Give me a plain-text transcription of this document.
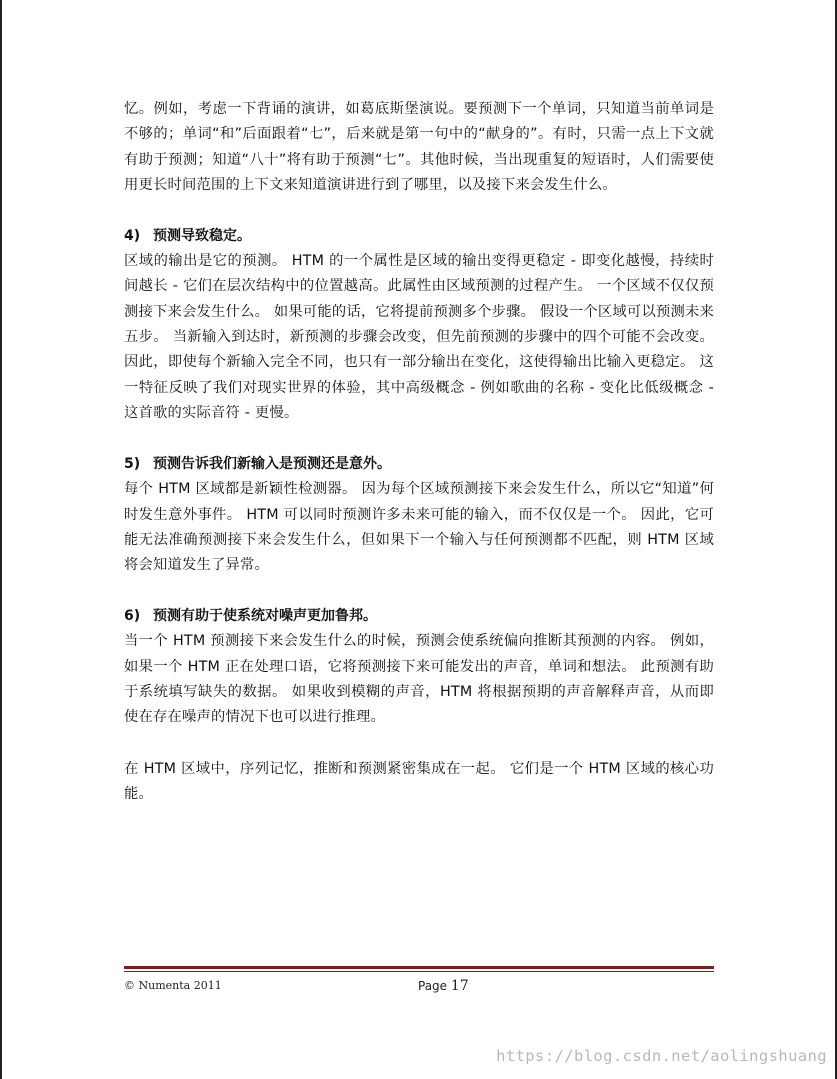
忆。例如，考虑一下背诵的演讲，如葛底斯堡演说。要预测下一个单词，只知道当前单词是不够的；单词“和”后面跟着“七”，后来就是第一句中的“献身的”。有时，只需一点上下文就有助于预测；知道“八十”将有助于预测“七”。其他时候，当出现重复的短语时，人们需要使用更长时间范围的上下文来知道演讲进行到了哪里，以及接下来会发生什么。

4) 预测导致稳定。

区域的输出是它的预测。 HTM 的一个属性是区域的输出变得更稳定 - 即变化越慢，持续时间越长 - 它们在层次结构中的位置越高。此属性由区域预测的过程产生。 一个区域不仅仅预测接下来会发生什么。 如果可能的话，它将提前预测多个步骤。 假设一个区域可以预测未来五步。 当新输入到达时，新预测的步骤会改变，但先前预测的步骤中的四个可能不会改变。 因此，即使每个新输入完全不同，也只有一部分输出在变化，这使得输出比输入更稳定。 这一特征反映了我们对现实世界的体验，其中高级概念 - 例如歌曲的名称 - 变化比低级概念 - 这首歌的实际音符 - 更慢。

5) 预测告诉我们新输入是预测还是意外。

每个 HTM 区域都是新颖性检测器。 因为每个区域预测接下来会发生什么，所以它“知道”何时发生意外事件。 HTM 可以同时预测许多未来可能的输入，而不仅仅是一个。 因此，它可能无法准确预测接下来会发生什么，但如果下一个输入与任何预测都不匹配，则 HTM 区域将会知道发生了异常。

6) 预测有助于使系统对噪声更加鲁邦。

当一个 HTM 预测接下来会发生什么的时候，预测会使系统偏向推断其预测的内容。 例如，如果一个 HTM 正在处理口语，它将预测接下来可能发出的声音，单词和想法。 此预测有助于系统填写缺失的数据。 如果收到模糊的声音，HTM 将根据预期的声音解释声音，从而即使在存在噪声的情况下也可以进行推理。

在 HTM 区域中，序列记忆，推断和预测紧密集成在一起。 它们是一个 HTM 区域的核心功能。

© Numenta 2011	Page 17
https://blog.csdn.net/aolingshuang
